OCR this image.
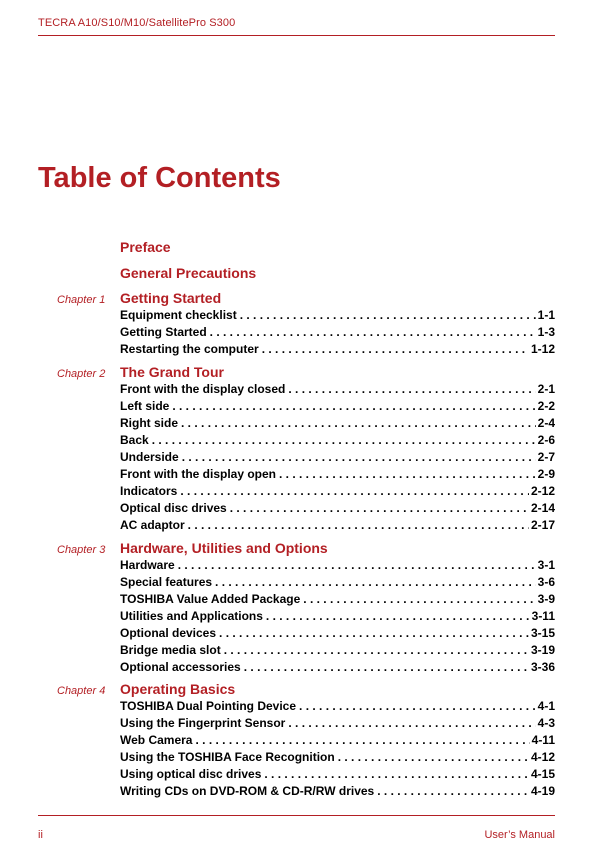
TECRA A10/S10/M10/SatellitePro S300
Table of Contents
Preface
General Precautions
Chapter 1 Getting Started
Equipment checklist . . .	1-1
Getting Started . . .	1-3
Restarting the computer . . .	1-12
Chapter 2 The Grand Tour
Front with the display closed . . .	2-1
Left side . . .	2-2
Right side . . .	2-4
Back . . .	2-6
Underside . . .	2-7
Front with the display open . . .	2-9
Indicators . . .	2-12
Optical disc drives . . .	2-14
AC adaptor . . .	2-17
Chapter 3 Hardware, Utilities and Options
Hardware . . .	3-1
Special features . . .	3-6
TOSHIBA Value Added Package . . .	3-9
Utilities and Applications . . .	3-11
Optional devices . . .	3-15
Bridge media slot . . .	3-19
Optional accessories . . .	3-36
Chapter 4 Operating Basics
TOSHIBA Dual Pointing Device . . .	4-1
Using the Fingerprint Sensor . . .	4-3
Web Camera . . .	4-11
Using the TOSHIBA Face Recognition . . .	4-12
Using optical disc drives . . .	4-15
Writing CDs on DVD-ROM & CD-R/RW drives . . .	4-19
ii	User’s Manual
